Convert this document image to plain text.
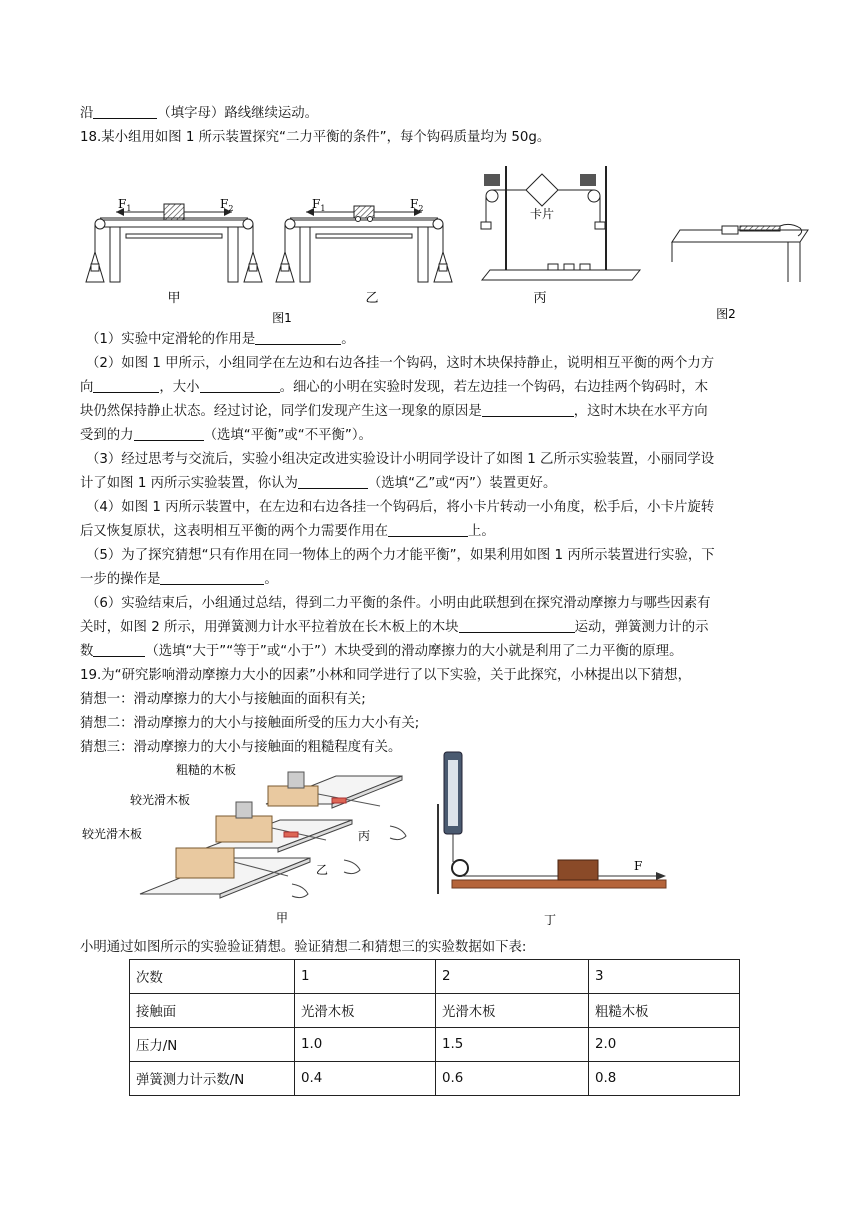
沿	（填字母）路线继续运动。
18.某小组用如图 1 所示装置探究“二力平衡的条件”，每个钩码质量均为 50g。
$F_1$	$F_2$
甲
$F_1$	$F_2$
乙
卡片
丙
图1	图2
（1）实验中定滑轮的作用是	。
（2）如图 1 甲所示，小组同学在左边和右边各挂一个钩码，这时木块保持静止，说明相互平衡的两个力方
向	，大小	。细心的小明在实验时发现，若左边挂一个钩码，右边挂两个钩码时，木
块仍然保持静止状态。经过讨论，同学们发现产生这一现象的原因是	，这时木块在水平方向
受到的力	（选填“平衡”或“不平衡”）。
（3）经过思考与交流后，实验小组决定改进实验设计小明同学设计了如图 1 乙所示实验装置，小丽同学设
计了如图 1 丙所示实验装置，你认为	（选填“乙”或“丙”）装置更好。
（4）如图 1 丙所示装置中，在左边和右边各挂一个钩码后，将小卡片转动一小角度，松手后，小卡片旋转
后又恢复原状，这表明相互平衡的两个力需要作用在	上。
（5）为了探究猜想“只有作用在同一物体上的两个力才能平衡”，如果利用如图 1 丙所示装置进行实验，下
一步的操作是	。
（6）实验结束后，小组通过总结，得到二力平衡的条件。小明由此联想到在探究滑动摩擦力与哪些因素有
关时，如图 2 所示，用弹簧测力计水平拉着放在长木板上的木块	运动，弹簧测力计的示
数	（选填“大于”“等于”或“小于”）木块受到的滑动摩擦力的大小就是利用了二力平衡的原理。
19.为“研究影响滑动摩擦力大小的因素”小林和同学进行了以下实验，关于此探究，小林提出以下猜想，
猜想一：滑动摩擦力的大小与接触面的面积有关;
猜想二：滑动摩擦力的大小与接触面所受的压力大小有关;
猜想三：滑动摩擦力的大小与接触面的粗糙程度有关。
粗糙的木板
较光滑木板
较光滑木板	丙
乙
甲
F
丁
小明通过如图所示的实验验证猜想。验证猜想二和猜想三的实验数据如下表:
次数	1	2	3
接触面	光滑木板	光滑木板	粗糙木板
压力/N	1.0	1.5	2.0
弹簧测力计示数/N	0.4	0.6	0.8
